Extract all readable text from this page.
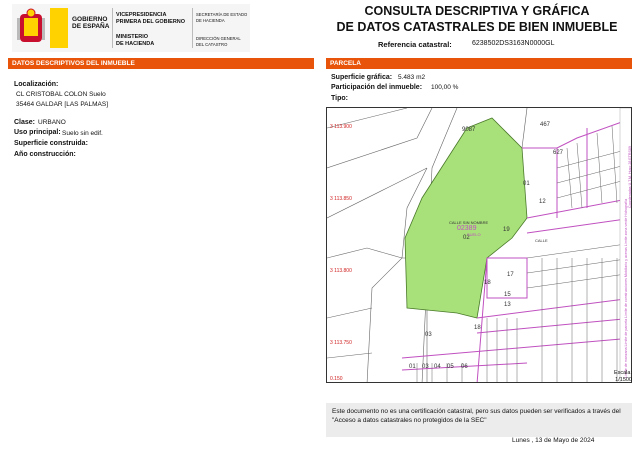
GOBIERNO
DE ESPAÑA
VICEPRESIDENCIA
PRIMERA DEL GOBIERNO
MINISTERIO
DE HACIENDA
SECRETARÍA DE ESTADO
DE HACIENDA
DIRECCIÓN GENERAL
DEL CATASTRO
CONSULTA DESCRIPTIVA Y GRÁFICA
DE DATOS CATASTRALES DE BIEN INMUEBLE
Referencia catastral:	6238502DS3163N0000GL
DATOS DESCRIPTIVOS DEL INMUEBLE
Localización:
CL CRISTOBAL COLON Suelo
35464 GALDAR [LAS PALMAS]
Clase: URBANO
Uso principal: Suelo sin edif.
Superficie construida:
Año construcción:
PARCELA
Superficie gráfica: 5.483 m2
Participación del inmueble: 100,00 %
Tipo:
467
9087
627
01
12
02389
02
19
17
18
15
13
03
18
01 03 04 05 06
CALLE SIN NOMBRE
SUELO
CALLE
3 113.900
3 113.850
3 113.800
3 113.750
0.150
Límite de manzana Límite de parcela Límite de construcciones Mobiliario y aceras Límite zona verde Hidrografía
Coordenadas U.T.M. Huso 28 ETRS89
Escala:
1/1500
Este documento no es una certificación catastral, pero sus datos pueden ser verificados a través del "Acceso a datos catastrales no protegidos de la SEC"
Lunes , 13 de Mayo de 2024
